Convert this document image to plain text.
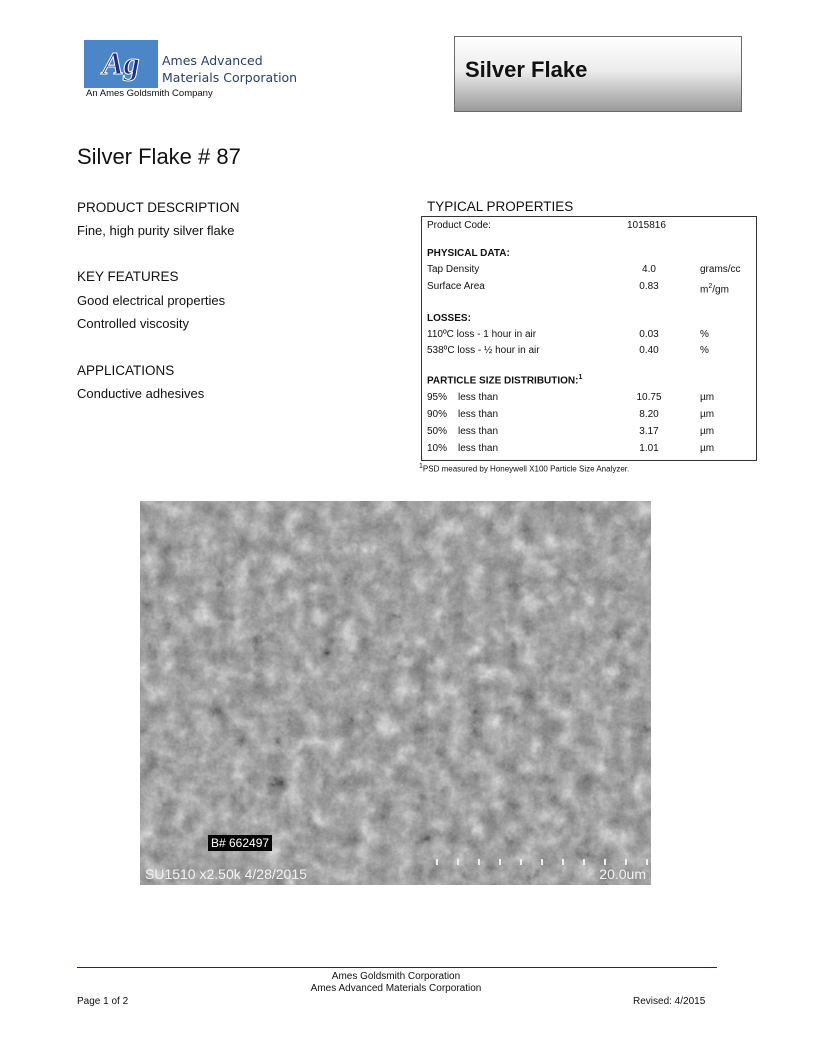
Ag Ames Advanced
Materials Corporation
An Ames Goldsmith Company
Silver Flake
Silver Flake # 87
PRODUCT DESCRIPTION
Fine, high purity silver flake
KEY FEATURES
Good electrical properties
Controlled viscosity
APPLICATIONS
Conductive adhesives
TYPICAL PROPERTIES
Product Code:	1015816
PHYSICAL DATA:
Tap Density	4.0	grams/cc
Surface Area	0.83	$m^2/gm$
LOSSES:
110ºC loss - 1 hour in air	0.03	%
538ºC loss - ½ hour in air	0.40	%
PARTICLE SIZE DISTRIBUTION:$^1$
95% less than	10.75	µm
90% less than	8.20	µm
50% less than	3.17	µm
10% less than	1.01	µm
$^1$PSD measured by Honeywell X100 Particle Size Analyzer.
B# 662497
SU1510 x2.50k 4/28/2015	20.0um
Ames Goldsmith Corporation
Ames Advanced Materials Corporation
Page 1 of 2	Revised: 4/2015
